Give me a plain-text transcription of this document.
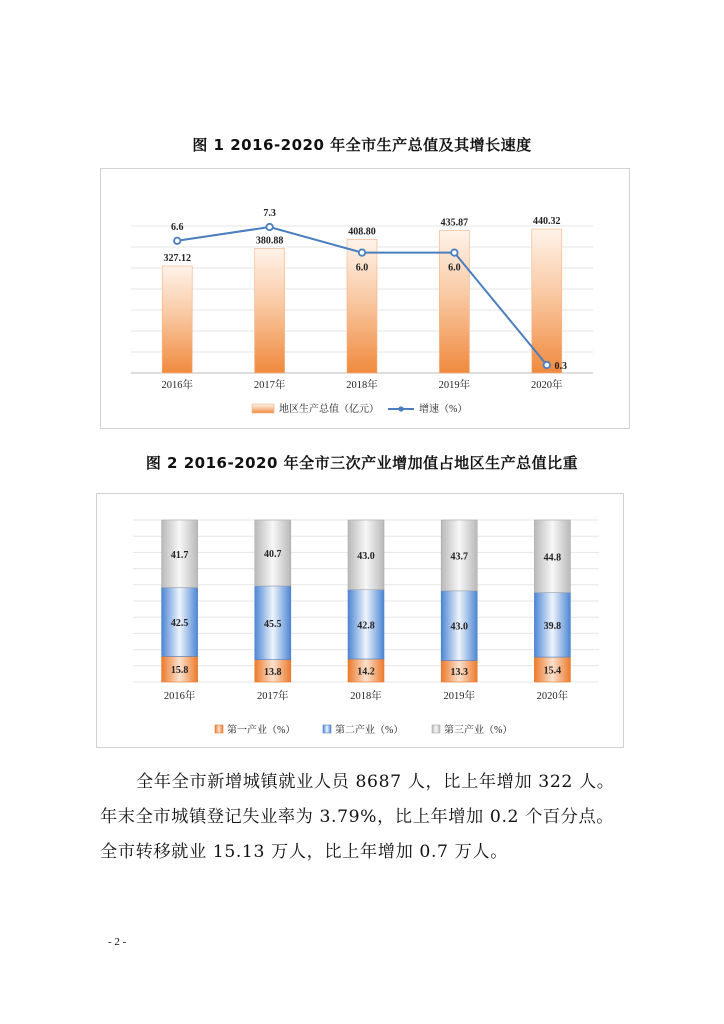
图 1 2016-2020 年全市生产总值及其增长速度
327.12
2016年
380.88
2017年
408.80
2018年
435.87
2019年
440.32
2020年
6.6
7.3
6.0	6.0
0.3
地区生产总值（亿元）	增速（%）
图 2 2016-2020 年全市三次产业增加值占地区生产总值比重
15.8
42.5
41.7
2016年
13.8
45.5
40.7
2017年
14.2
42.8
43.0
2018年
13.3
43.0
43.7
2019年
15.4
39.8
44.8
2020年
第一产业（%）	第二产业（%）	第三产业（%）
全年全市新增城镇就业人员 8687 人，比上年增加 322 人。
年末全市城镇登记失业率为 3.79%，比上年增加 0.2 个百分点。
全市转移就业 15.13 万人，比上年增加 0.7 万人。
- 2 -
